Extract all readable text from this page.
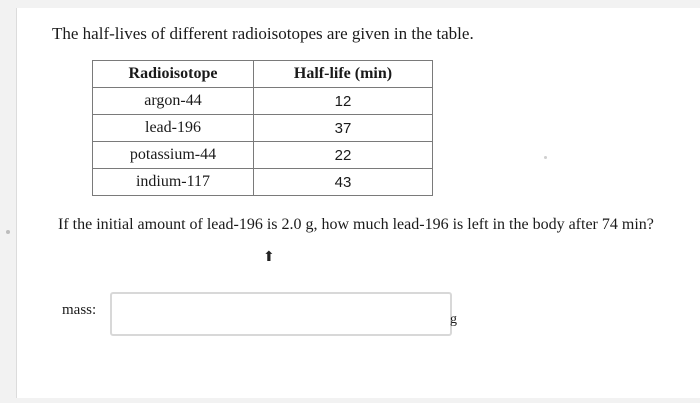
The half-lives of different radioisotopes are given in the table.
Radioisotope	Half-life (min)
argon-44	12
lead-196	37
potassium-44	22
indium-117	43
If the initial amount of lead-196 is 2.0 g, how much lead-196 is left in the body after 74 min?
⬆
mass:
g
